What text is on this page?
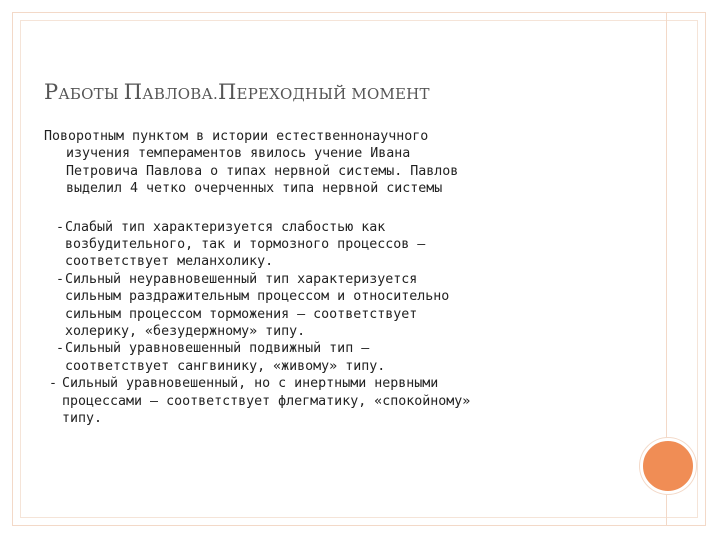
РАБОТЫ ПАВЛОВА.ПЕРЕХОДНЫЙ МОМЕНТ

Поворотным пунктом в истории естественнонаучного изучения темпераментов явилось учение Ивана Петровича Павлова о типах нервной системы. Павлов выделил 4 четко очерченных типа нервной системы

- Слабый тип характеризуется слабостью как возбудительного, так и тормозного процессов — соответствует меланхолику.
- Сильный неуравновешенный тип характеризуется сильным раздражительным процессом и относительно сильным процессом торможения — соответствует холерику, «безудержному» типу.
- Сильный уравновешенный подвижный тип — соответствует сангвинику, «живому» типу.
- Сильный уравновешенный, но с инертными нервными процессами — соответствует флегматику, «спокойному» типу.
